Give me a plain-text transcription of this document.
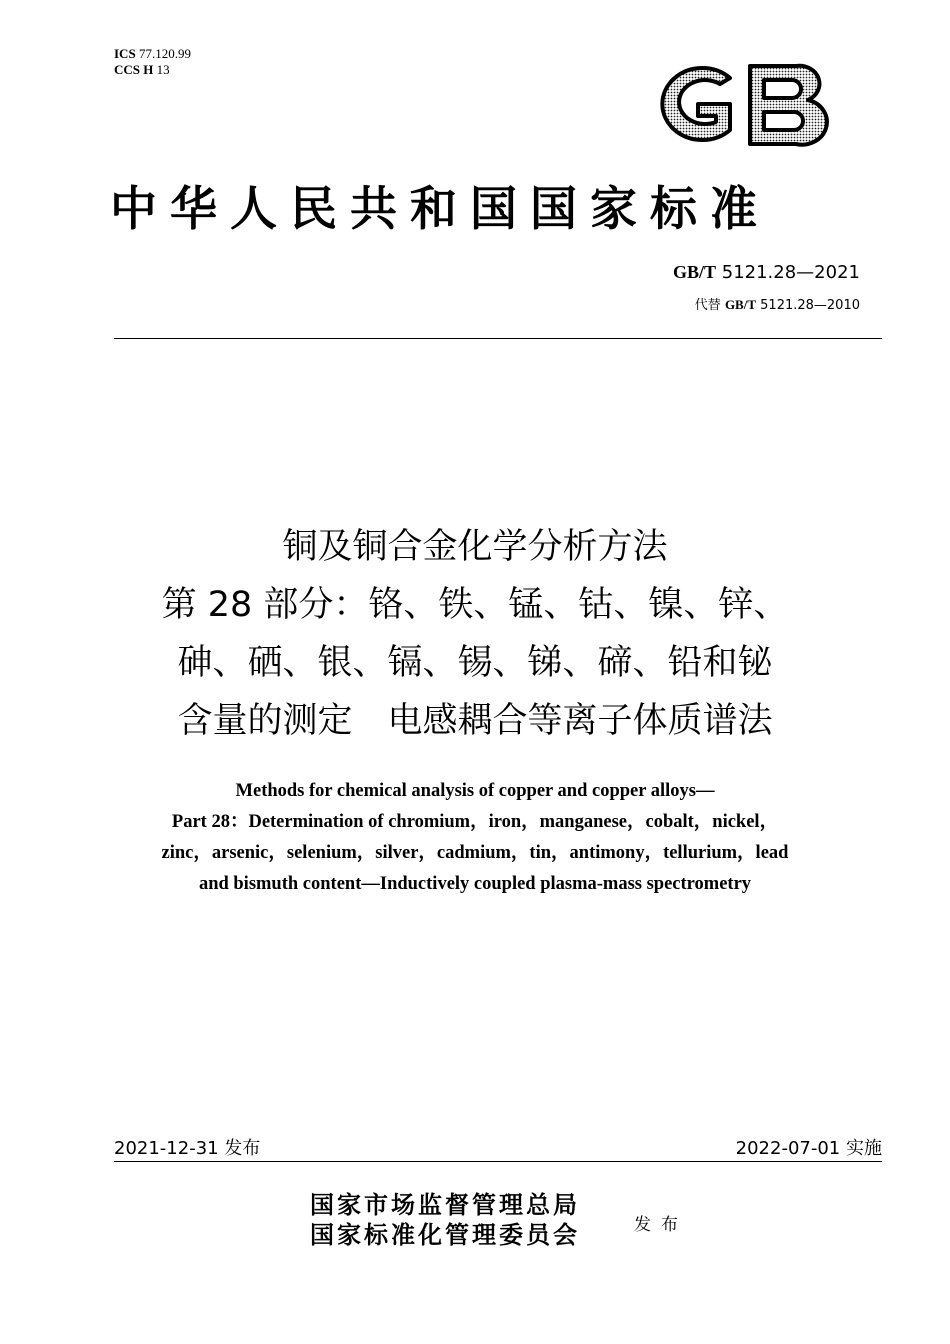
ICS 77.120.99
CCS H 13
中华人民共和国国家标准
GB/T 5121.28—2021
代替 GB/T 5121.28—2010
铜及铜合金化学分析方法
第 28 部分：铬、铁、锰、钴、镍、锌、
砷、硒、银、镉、锡、锑、碲、铅和铋
含量的测定　电感耦合等离子体质谱法
Methods for chemical analysis of copper and copper alloys—
Part 28：Determination of chromium，iron，manganese，cobalt，nickel，
zinc，arsenic，selenium，silver，cadmium，tin，antimony，tellurium，lead
and bismuth content—Inductively coupled plasma-mass spectrometry
2021-12-31 发布	2022-07-01 实施
国家市场监督管理总局
国家标准化管理委员会	发布
